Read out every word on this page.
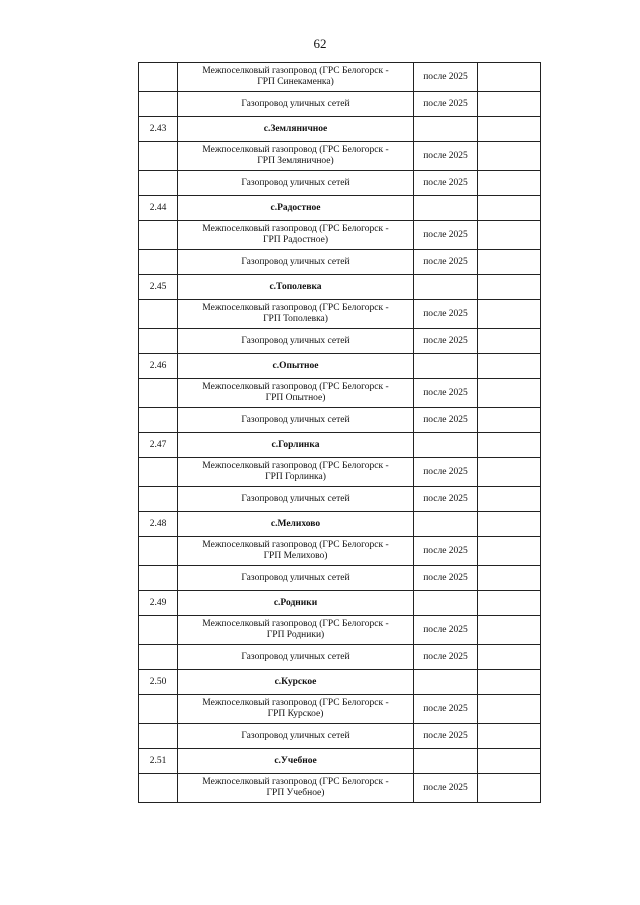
62
	Межпоселковый газопровод (ГРС Белогорск -
ГРП Синекаменка)	после 2025	
	Газопровод уличных сетей	после 2025	
2.43	с.Земляничное		
	Межпоселковый газопровод (ГРС Белогорск -
ГРП Земляничное)	после 2025	
	Газопровод уличных сетей	после 2025	
2.44	с.Радостное		
	Межпоселковый газопровод (ГРС Белогорск -
ГРП Радостное)	после 2025	
	Газопровод уличных сетей	после 2025	
2.45	с.Тополевка		
	Межпоселковый газопровод (ГРС Белогорск -
ГРП Тополевка)	после 2025	
	Газопровод уличных сетей	после 2025	
2.46	с.Опытное		
	Межпоселковый газопровод (ГРС Белогорск -
ГРП Опытное)	после 2025	
	Газопровод уличных сетей	после 2025	
2.47	с.Горлинка		
	Межпоселковый газопровод (ГРС Белогорск -
ГРП Горлинка)	после 2025	
	Газопровод уличных сетей	после 2025	
2.48	с.Мелихово		
	Межпоселковый газопровод (ГРС Белогорск -
ГРП Мелихово)	после 2025	
	Газопровод уличных сетей	после 2025	
2.49	с.Родники		
	Межпоселковый газопровод (ГРС Белогорск -
ГРП Родники)	после 2025	
	Газопровод уличных сетей	после 2025	
2.50	с.Курское		
	Межпоселковый газопровод (ГРС Белогорск -
ГРП Курское)	после 2025	
	Газопровод уличных сетей	после 2025	
2.51	с.Учебное		
	Межпоселковый газопровод (ГРС Белогорск -
ГРП Учебное)	после 2025	
